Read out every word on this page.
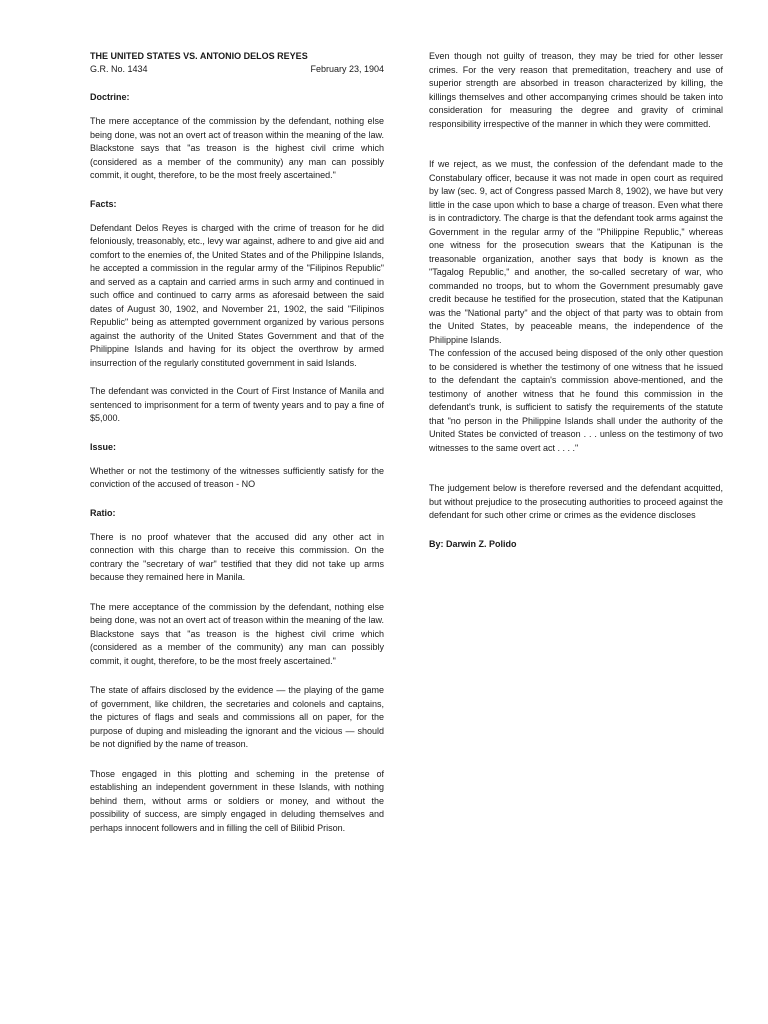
THE UNITED STATES VS. ANTONIO DELOS REYES
G.R. No. 1434	February 23, 1904
Doctrine:

The mere acceptance of the commission by the defendant, nothing else being done, was not an overt act of treason within the meaning of the law. Blackstone says that "as treason is the highest civil crime which (considered as a member of the community) any man can possibly commit, it ought, therefore, to be the most freely ascertained."

Facts:

Defendant Delos Reyes is charged with the crime of treason for he did feloniously, treasonably, etc., levy war against, adhere to and give aid and comfort to the enemies of, the United States and of the Philippine Islands, he accepted a commission in the regular army of the "Filipinos Republic" and served as a captain and carried arms in such army and continued in such office and continued to carry arms as aforesaid between the said dates of August 30, 1902, and November 21, 1902, the said "Filipinos Republic" being as attempted government organized by various persons against the authority of the United States Government and that of the Philippine Islands and having for its object the overthrow by armed insurrection of the regularly constituted government in said Islands.

The defendant was convicted in the Court of First Instance of Manila and sentenced to imprisonment for a term of twenty years and to pay a fine of $5,000.

Issue:

Whether or not the testimony of the witnesses sufficiently satisfy for the conviction of the accused of treason - NO

Ratio:

There is no proof whatever that the accused did any other act in connection with this charge than to receive this commission. On the contrary the "secretary of war" testified that they did not take up arms because they remained here in Manila.

The mere acceptance of the commission by the defendant, nothing else being done, was not an overt act of treason within the meaning of the law. Blackstone says that "as treason is the highest civil crime which (considered as a member of the community) any man can possibly commit, it ought, therefore, to be the most freely ascertained."

The state of affairs disclosed by the evidence — the playing of the game of government, like children, the secretaries and colonels and captains, the pictures of flags and seals and commissions all on paper, for the purpose of duping and misleading the ignorant and the vicious — should be not dignified by the name of treason.

Those engaged in this plotting and scheming in the pretense of establishing an independent government in these Islands, with nothing behind them, without arms or soldiers or money, and without the possibility of success, are simply engaged in deluding themselves and perhaps innocent followers and in filling the cell of Bilibid Prison.

Even though not guilty of treason, they may be tried for other lesser crimes. For the very reason that premeditation, treachery and use of superior strength are absorbed in treason characterized by killing, the killings themselves and other accompanying crimes should be taken into consideration for measuring the degree and gravity of criminal responsibility irrespective of the manner in which they were committed.

If we reject, as we must, the confession of the defendant made to the Constabulary officer, because it was not made in open court as required by law (sec. 9, act of Congress passed March 8, 1902), we have but very little in the case upon which to base a charge of treason. Even what there is in contradictory. The charge is that the defendant took arms against the Government in the regular army of the "Philippine Republic," whereas one witness for the prosecution swears that the Katipunan is the treasonable organization, another says that body is known as the "Tagalog Republic," and another, the so-called secretary of war, who commanded no troops, but to whom the Government presumably gave credit because he testified for the prosecution, stated that the Katipunan was the "National party" and the object of that party was to obtain from the United States, by peaceable means, the independence of the Philippine Islands.

The confession of the accused being disposed of the only other question to be considered is whether the testimony of one witness that he issued to the defendant the captain's commission above-mentioned, and the testimony of another witness that he found this commission in the defendant's trunk, is sufficient to satisfy the requirements of the statute that "no person in the Philippine Islands shall under the authority of the United States be convicted of treason . . . unless on the testimony of two witnesses to the same overt act . . . ."

The judgement below is therefore reversed and the defendant acquitted, but without prejudice to the prosecuting authorities to proceed against the defendant for such other crime or crimes as the evidence discloses

By: Darwin Z. Polido
